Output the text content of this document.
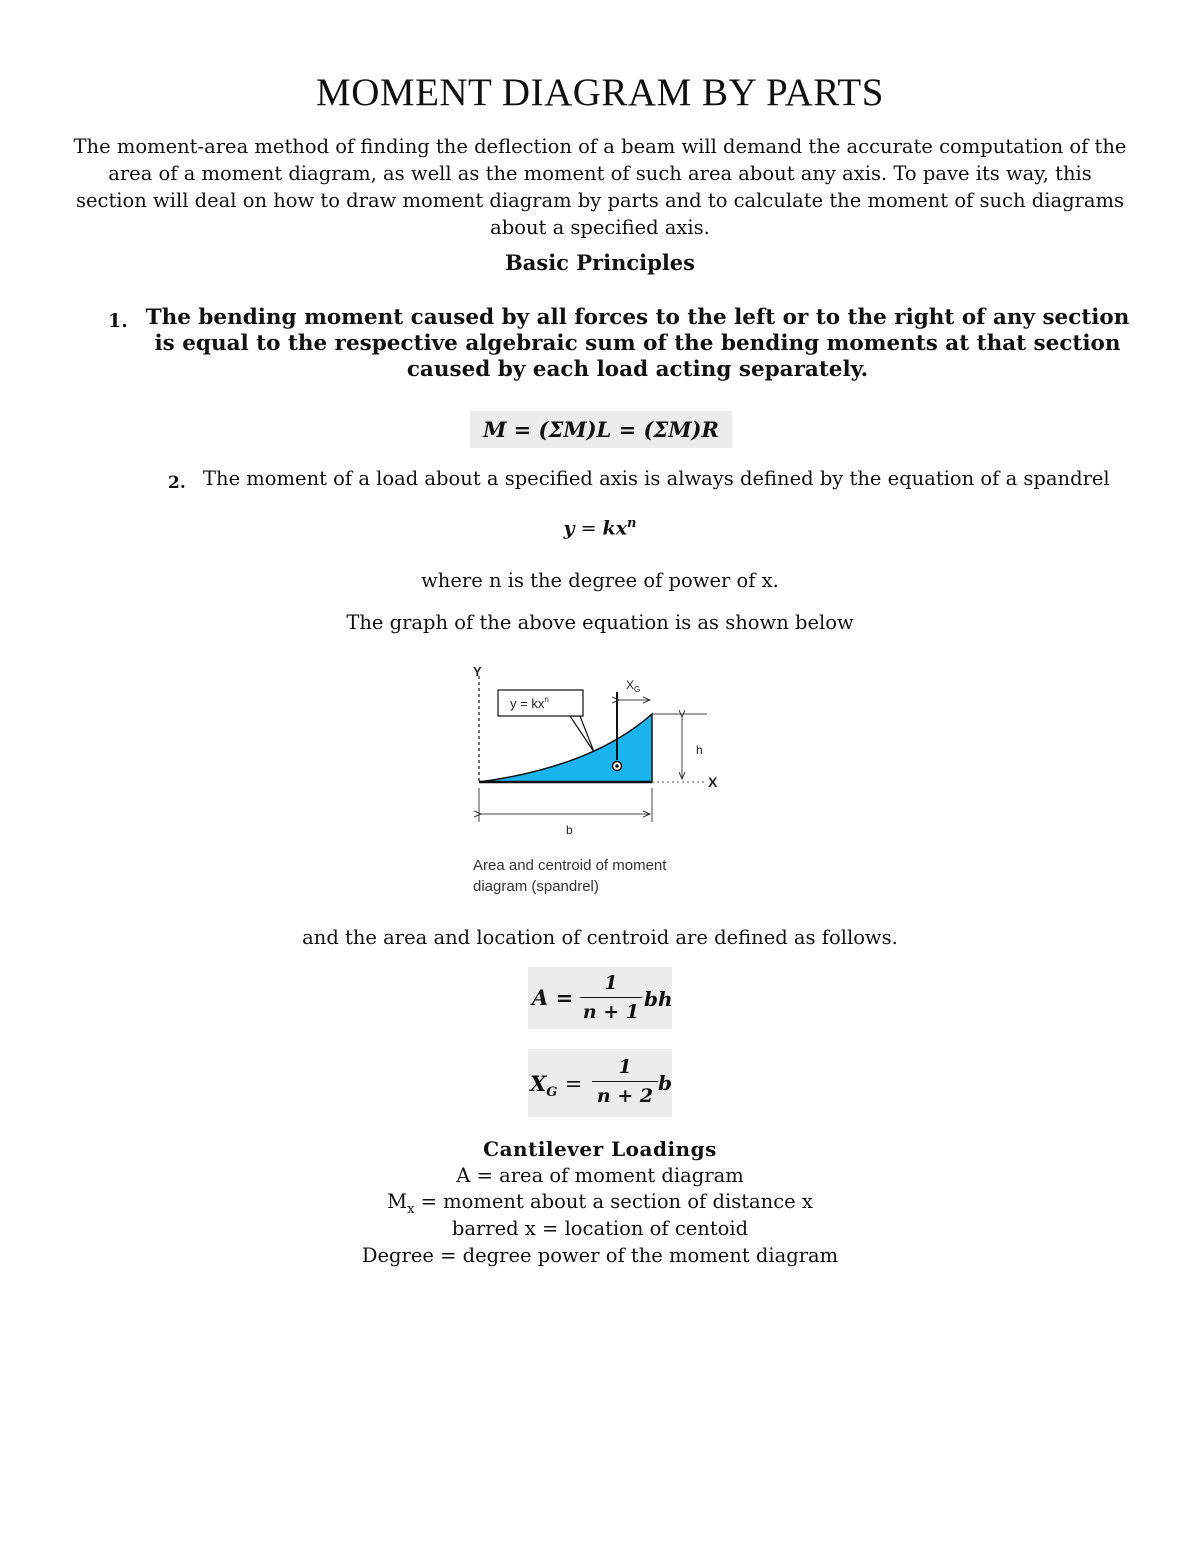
MOMENT DIAGRAM BY PARTS
The moment-area method of finding the deflection of a beam will demand the accurate computation of the area of a moment diagram, as well as the moment of such area about any axis. To pave its way, this section will deal on how to draw moment diagram by parts and to calculate the moment of such diagrams about a specified axis.
Basic Principles
1. The bending moment caused by all forces to the left or to the right of any section is equal to the respective algebraic sum of the bending moments at that section caused by each load acting separately.
M = (ΣM)L = (ΣM)R
2. The moment of a load about a specified axis is always defined by the equation of a spandrel
$y = kx^n$
where n is the degree of power of x.
The graph of the above equation is as shown below
Y
X
h
$X_G$
$y = kx^n$
b
Area and centroid of moment
diagram (spandrel)
and the area and location of centroid are defined as follows.
A =
1
n + 1
bh
$X_G$ =
1
n + 2
b
Cantilever Loadings
A = area of moment diagram
$M_x$ = moment about a section of distance x
barred x = location of centoid
Degree = degree power of the moment diagram
